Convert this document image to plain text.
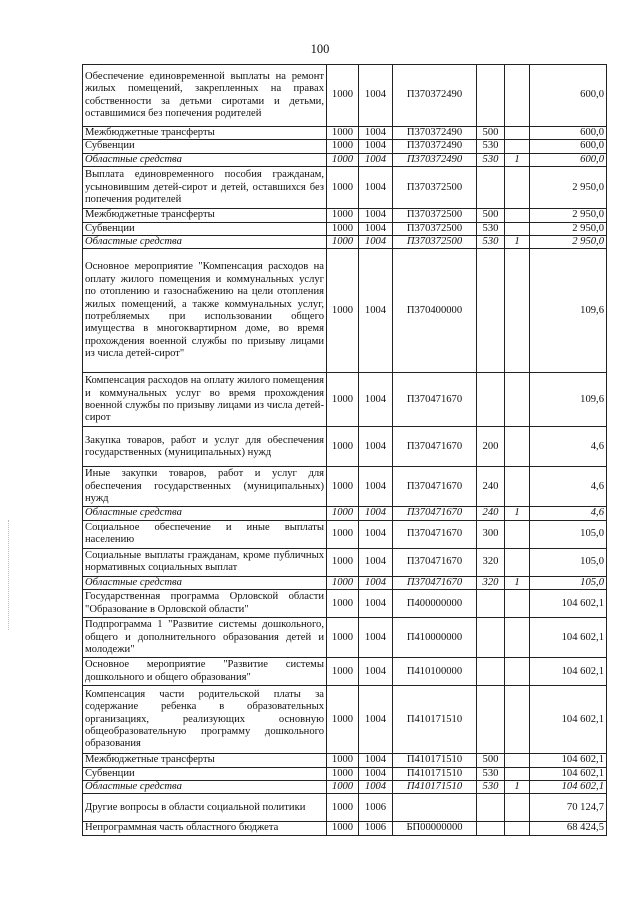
100
Обеспечение единовременной выплаты на ремонт жилых помещений, закрепленных на правах собственности за детьми сиротами и детьми, оставшимися без попечения родителей	1000	1004	П370372490			600,0
Межбюджетные трансферты	1000	1004	П370372490	500		600,0
Субвенции	1000	1004	П370372490	530		600,0
Областные средства	1000	1004	П370372490	530	1	600,0
Выплата единовременного пособия гражданам, усыновившим детей-сирот и детей, оставшихся без попечения родителей	1000	1004	П370372500			2 950,0
Межбюджетные трансферты	1000	1004	П370372500	500		2 950,0
Субвенции	1000	1004	П370372500	530		2 950,0
Областные средства	1000	1004	П370372500	530	1	2 950,0
Основное мероприятие "Компенсация расходов на оплату жилого помещения и коммунальных услуг по отоплению и газоснабжению на цели отопления жилых помещений, а также коммунальных услуг, потребляемых при использовании общего имущества в многоквартирном доме, во время прохождения военной службы по призыву лицами из числа детей-сирот"	1000	1004	П370400000			109,6
Компенсация расходов на оплату жилого помещения и коммунальных услуг во время прохождения военной службы по призыву лицами из числа детей-сирот	1000	1004	П370471670			109,6
Закупка товаров, работ и услуг для обеспечения государственных (муниципальных) нужд	1000	1004	П370471670	200		4,6
Иные закупки товаров, работ и услуг для обеспечения государственных (муниципальных) нужд	1000	1004	П370471670	240		4,6
Областные средства	1000	1004	П370471670	240	1	4,6
Социальное обеспечение и иные выплаты населению	1000	1004	П370471670	300		105,0
Социальные выплаты гражданам, кроме публичных нормативных социальных выплат	1000	1004	П370471670	320		105,0
Областные средства	1000	1004	П370471670	320	1	105,0
Государственная программа Орловской области "Образование в Орловской области"	1000	1004	П400000000			104 602,1
Подпрограмма 1 "Развитие системы дошкольного, общего и дополнительного образования детей и молодежи"	1000	1004	П410000000			104 602,1
Основное мероприятие "Развитие системы дошкольного и общего образования"	1000	1004	П410100000			104 602,1
Компенсация части родительской платы за содержание ребенка в образовательных организациях, реализующих основную общеобразовательную программу дошкольного образования	1000	1004	П410171510			104 602,1
Межбюджетные трансферты	1000	1004	П410171510	500		104 602,1
Субвенции	1000	1004	П410171510	530		104 602,1
Областные средства	1000	1004	П410171510	530	1	104 602,1
Другие вопросы в области социальной политики	1000	1006				70 124,7
Непрограммная часть областного бюджета	1000	1006	БП00000000			68 424,5
